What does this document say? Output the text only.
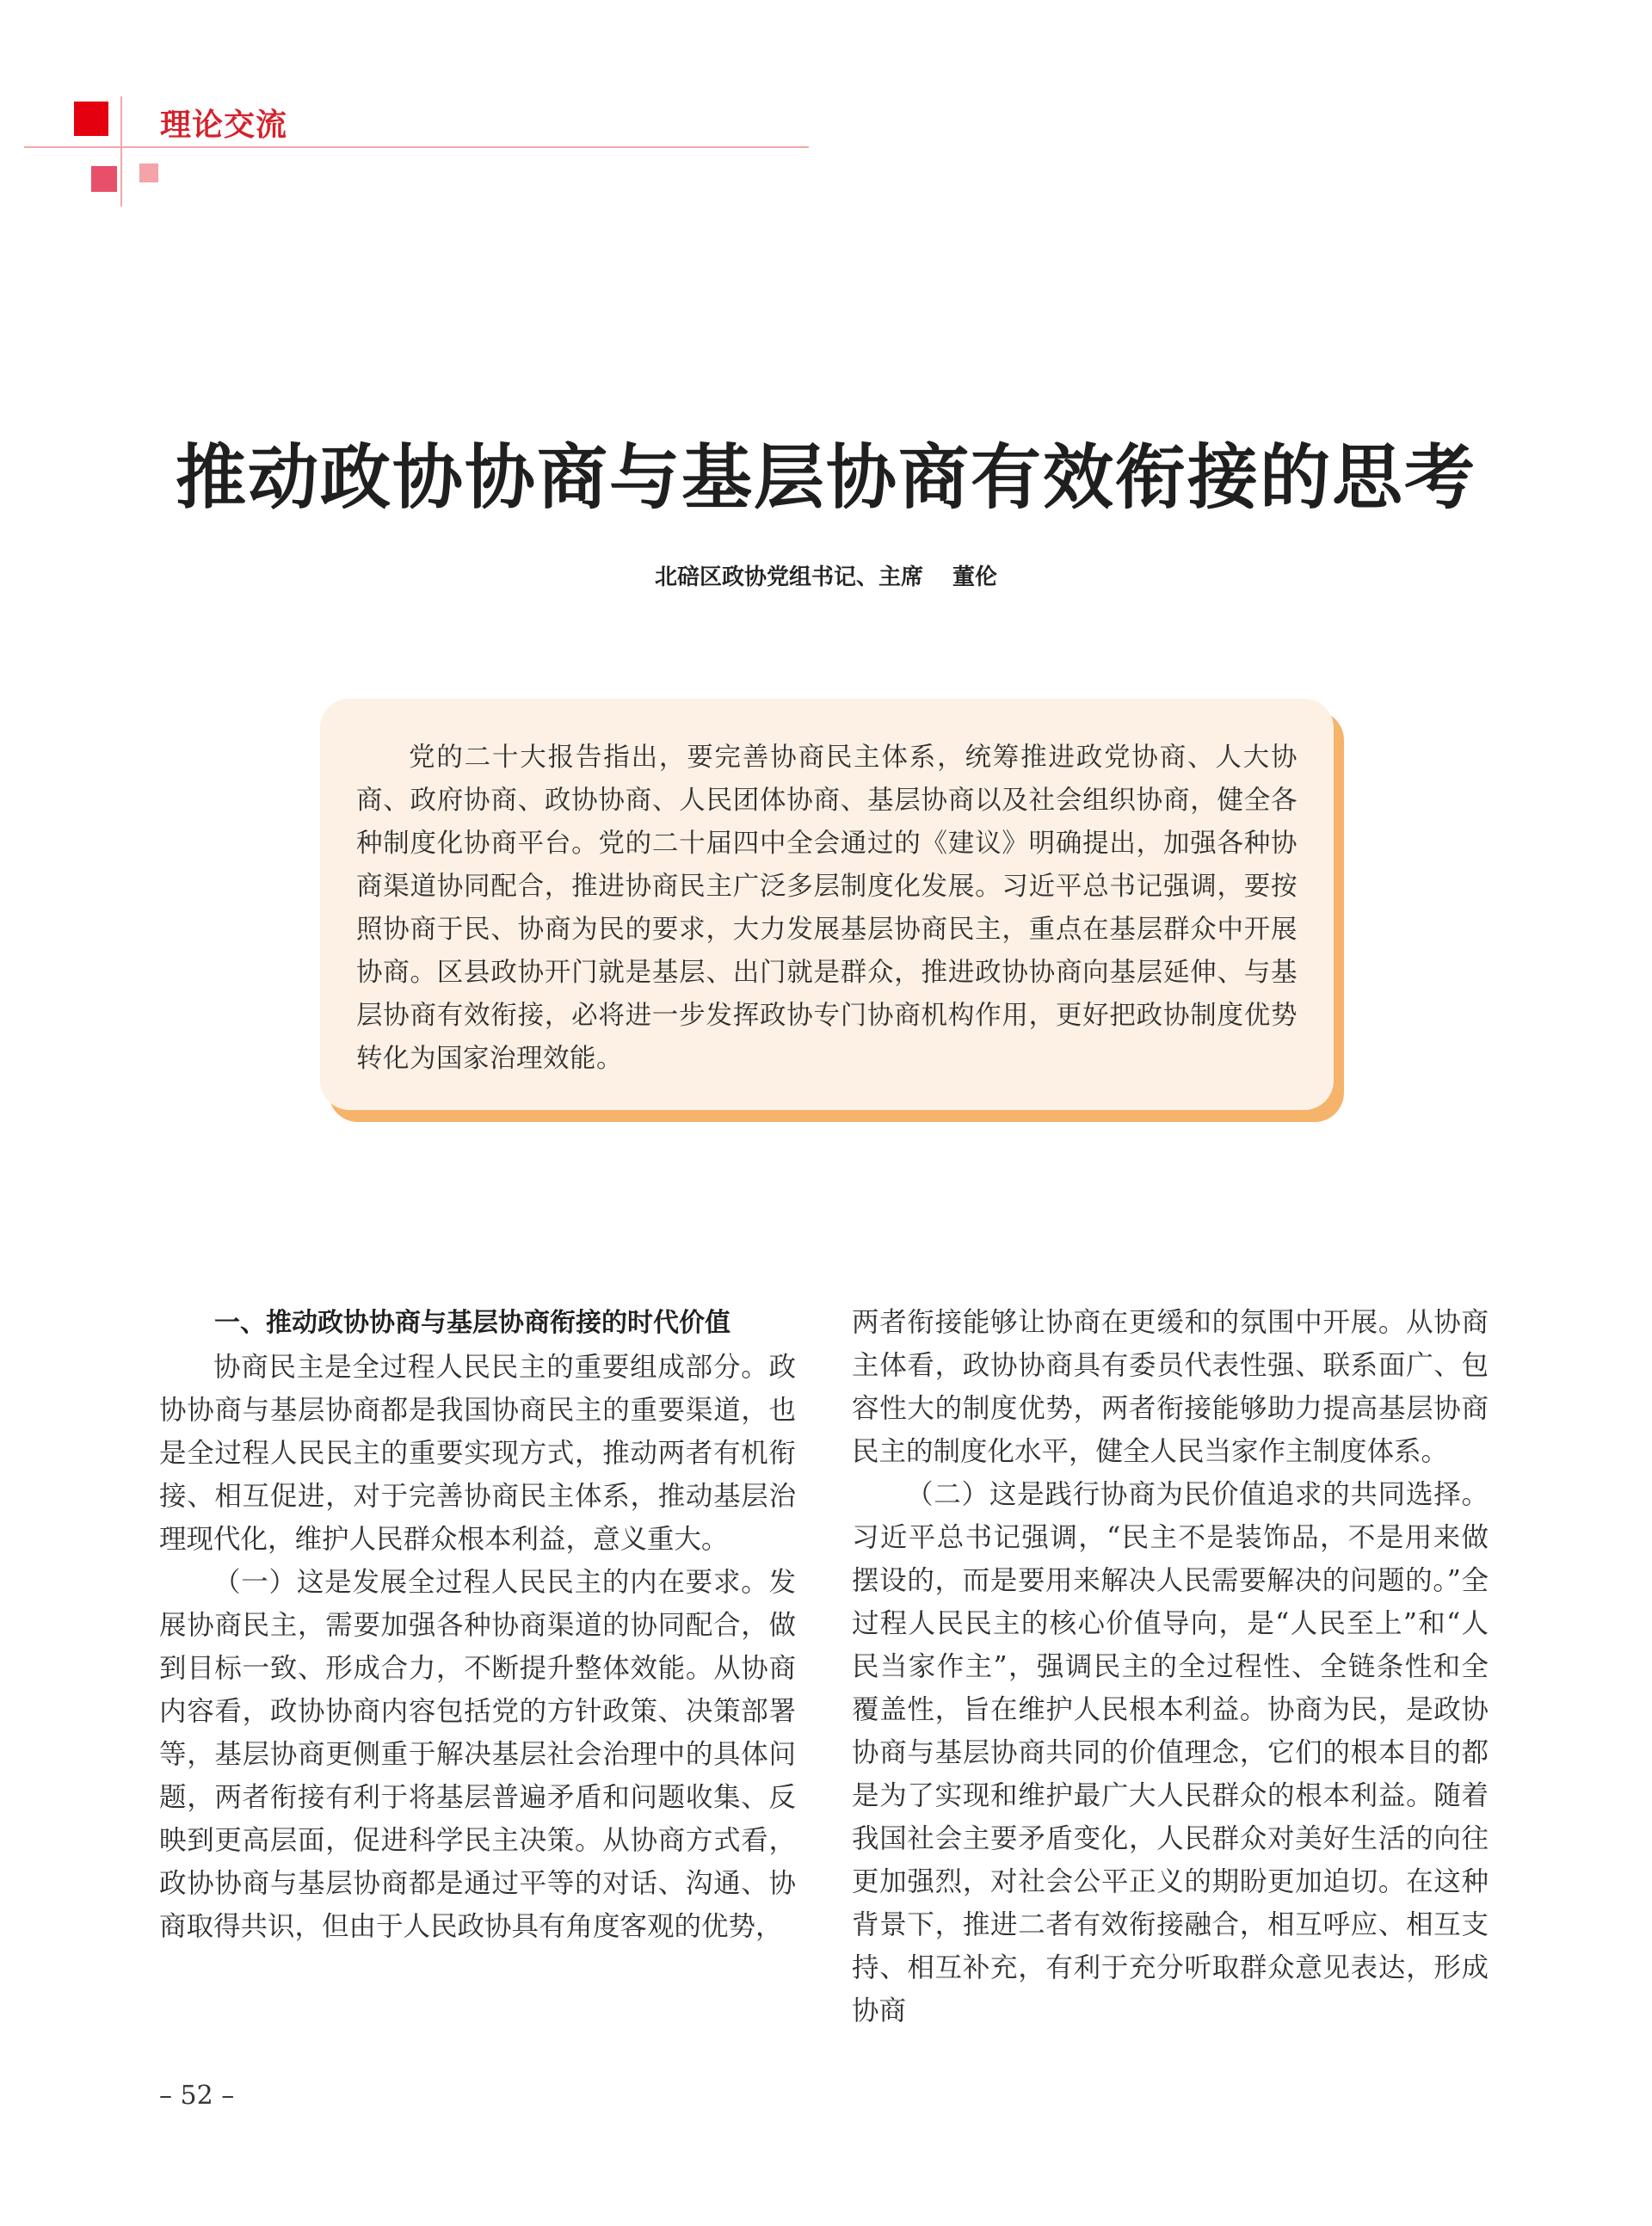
理论交流
推动政协协商与基层协商有效衔接的思考
北碚区政协党组书记、主席 董伦

党的二十大报告指出，要完善协商民主体系，统筹推进政党协商、人大协商、政府协商、政协协商、人民团体协商、基层协商以及社会组织协商，健全各种制度化协商平台。党的二十届四中全会通过的《建议》明确提出，加强各种协商渠道协同配合，推进协商民主广泛多层制度化发展。习近平总书记强调，要按照协商于民、协商为民的要求，大力发展基层协商民主，重点在基层群众中开展协商。区县政协开门就是基层、出门就是群众，推进政协协商向基层延伸、与基层协商有效衔接，必将进一步发挥政协专门协商机构作用，更好把政协制度优势转化为国家治理效能。

一、推动政协协商与基层协商衔接的时代价值

协商民主是全过程人民民主的重要组成部分。政协协商与基层协商都是我国协商民主的重要渠道，也是全过程人民民主的重要实现方式，推动两者有机衔接、相互促进，对于完善协商民主体系，推动基层治理现代化，维护人民群众根本利益，意义重大。

（一）这是发展全过程人民民主的内在要求。发展协商民主，需要加强各种协商渠道的协同配合，做到目标一致、形成合力，不断提升整体效能。从协商内容看，政协协商内容包括党的方针政策、决策部署等，基层协商更侧重于解决基层社会治理中的具体问题，两者衔接有利于将基层普遍矛盾和问题收集、反映到更高层面，促进科学民主决策。从协商方式看，政协协商与基层协商都是通过平等的对话、沟通、协商取得共识，但由于人民政协具有角度客观的优势，

两者衔接能够让协商在更缓和的氛围中开展。从协商主体看，政协协商具有委员代表性强、联系面广、包容性大的制度优势，两者衔接能够助力提高基层协商民主的制度化水平，健全人民当家作主制度体系。

（二）这是践行协商为民价值追求的共同选择。习近平总书记强调，“民主不是装饰品，不是用来做摆设的，而是要用来解决人民需要解决的问题的。”全过程人民民主的核心价值导向，是“人民至上”和“人民当家作主”，强调民主的全过程性、全链条性和全覆盖性，旨在维护人民根本利益。协商为民，是政协协商与基层协商共同的价值理念，它们的根本目的都是为了实现和维护最广大人民群众的根本利益。随着我国社会主要矛盾变化，人民群众对美好生活的向往更加强烈，对社会公平正义的期盼更加迫切。在这种背景下，推进二者有效衔接融合，相互呼应、相互支持、相互补充，有利于充分听取群众意见表达，形成协商

– 52 –
